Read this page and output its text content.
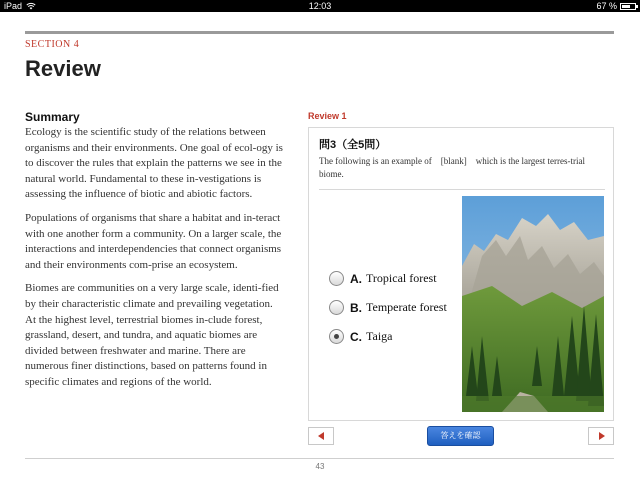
iPad	12:03	67 %
SECTION 4
Review
Summary

Ecology is the scientific study of the relations between organisms and their environments. One goal of ecol-ogy is to discover the rules that explain the patterns we see in the natural world. Fundamental to these in-vestigations is assessing the influence of biotic and abiotic factors.

Populations of organisms that share a habitat and in-teract with one another form a community. On a larger scale, the interactions and interdependencies that connect organisms and their environments com-prise an ecosystem.

Biomes are communities on a very large scale, identi-fied by their characteristic climate and prevailing vegetation. At the highest level, terrestrial biomes in-clude forest, grassland, desert, and tundra, and aquatic biomes are divided between freshwater and marine. There are numerous finer distinctions, based on patterns found in specific climates and regions of the world.

Review 1
問3（全5問）
The following is an example of　[blank]　which is the largest terres-trial biome.
A. Tropical forest
B. Temperate forest
C. Taiga
答えを確認
43
